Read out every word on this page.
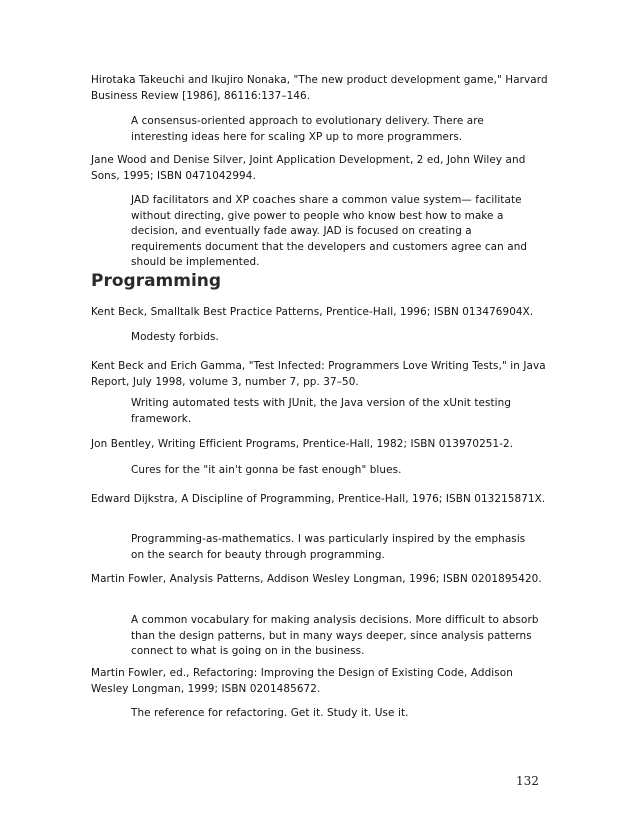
Hirotaka Takeuchi and Ikujiro Nonaka, "The new product development game," Harvard Business Review [1986], 86116:137–146.

A consensus-oriented approach to evolutionary delivery. There are interesting ideas here for scaling XP up to more programmers.

Jane Wood and Denise Silver, Joint Application Development, 2 ed, John Wiley and Sons, 1995; ISBN 0471042994.

JAD facilitators and XP coaches share a common value system— facilitate without directing, give power to people who know best how to make a decision, and eventually fade away. JAD is focused on creating a requirements document that the developers and customers agree can and should be implemented.

Programming

Kent Beck, Smalltalk Best Practice Patterns, Prentice-Hall, 1996; ISBN 013476904X.

Modesty forbids.

Kent Beck and Erich Gamma, "Test Infected: Programmers Love Writing Tests," in Java Report, July 1998, volume 3, number 7, pp. 37–50.

Writing automated tests with JUnit, the Java version of the xUnit testing framework.

Jon Bentley, Writing Efficient Programs, Prentice-Hall, 1982; ISBN 013970251-2.

Cures for the "it ain't gonna be fast enough" blues.

Edward Dijkstra, A Discipline of Programming, Prentice-Hall, 1976; ISBN 013215871X.

Programming-as-mathematics. I was particularly inspired by the emphasis on the search for beauty through programming.

Martin Fowler, Analysis Patterns, Addison Wesley Longman, 1996; ISBN 0201895420.

A common vocabulary for making analysis decisions. More difficult to absorb than the design patterns, but in many ways deeper, since analysis patterns connect to what is going on in the business.

Martin Fowler, ed., Refactoring: Improving the Design of Existing Code, Addison Wesley Longman, 1999; ISBN 0201485672.

The reference for refactoring. Get it. Study it. Use it.

132
